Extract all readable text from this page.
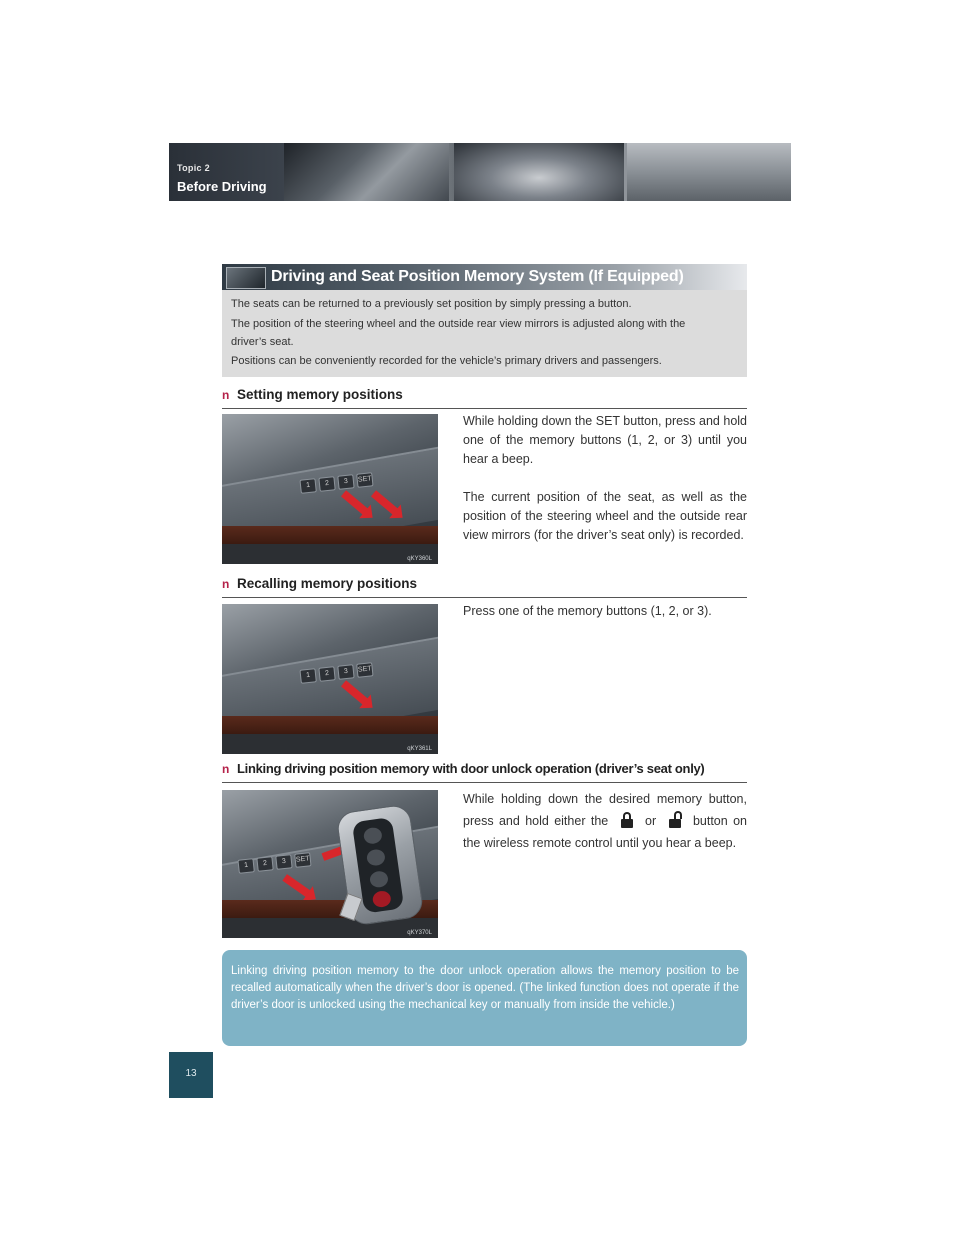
Topic 2
Before Driving
13
Driving and Seat Position Memory System (If Equipped)

The seats can be returned to a previously set position by simply pressing a button.

The position of the steering wheel and the outside rear view mirrors is adjusted along with the

driver’s seat.

Positions can be conveniently recorded for the vehicle’s primary drivers and passengers.

n Setting memory positions
1	2	3	SET
qKY360L

While holding down the SET button, press and hold one of the memory buttons (1, 2, or 3) until you hear a beep.

The current position of the seat, as well as the position of the steering wheel and the outside rear view mirrors (for the driver’s seat only) is recorded.

n Recalling memory positions
1	2	3	SET
qKY361L

Press one of the memory buttons (1, 2, or 3).

n Linking driving position memory with door unlock operation (driver’s seat only)
1	2	3	SET
qKY370L
While holding down the desired memory button, press and hold either the	or	button on the wireless remote control until you hear a beep.

Linking driving position memory to the door unlock operation allows the memory position to be recalled automatically when the driver’s door is opened. (The linked function does not operate if the driver’s door is unlocked using the mechanical key or manually from inside the vehicle.)
